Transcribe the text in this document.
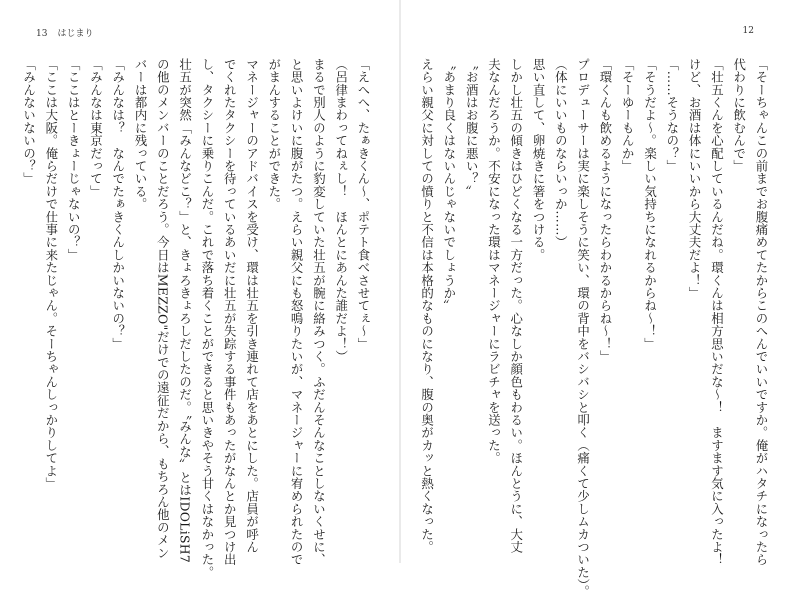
13 はじまり	12
「そーちゃんこの前までお腹痛めてたからこのへんでいいですか。俺がハタチになったら
代わりに飲むんで」
「壮五くんを心配しているんだね。環くんは相方思いだな～！　ますます気に入ったよ！
けど、お酒は体にいいから大丈夫だよ！」
「……そうなの？」
「そうだよ～。楽しい気持ちになれるからね～！」
「そーゆーもんか」
「環くんも飲めるようになったらわかるからね～！」
プロデューサーは実に楽しそうに笑い、環の背中をバシバシと叩く（痛くて少しムカついた）。
（体にいいものならいっか……）
思い直して、卵焼きに箸をつける。
しかし壮五の傾きはひどくなる一方だった。心なしか顔色もわるい。ほんとうに、大丈
夫なんだろうか。不安になった環はマネージャーにラビチャを送った。
〝お酒はお腹に悪い？〟
〝あまり良くはないんじゃないでしょうか〟
えらい親父に対しての憤りと不信は本格的なものになり、腹の奥がカッと熱くなった。
「えへへ、たぁきくん～、ポテト食べさせてぇ～」
（呂律まわってねぇし！　ほんとにあんた誰だよ！）
まるで別人のように豹変していた壮五が腕に絡みつく。ふだんそんなことしないくせに、
と思いよけいに腹がたつ。えらい親父にも怒鳴りたいが、マネージャーに宥められたので
がまんすることができた。
マネージャーのアドバイスを受け、環は壮五を引き連れて店をあとにした。店員が呼ん
でくれたタクシーを待っているあいだに壮五が失踪する事件もあったがなんとか見つけ出
し、タクシーに乗りこんだ。これで落ち着くことができると思いきやそう甘くはなかった。
壮五が突然「みんなどこ？」と、きょろきょろしだしたのだ。〝みんな〟とはIDOLiSH7
の他のメンバーのことだろう。今日はMEZZO"だけでの遠征だから、もちろん他のメン
バーは都内に残っている。
「みんなは？　なんでたぁきくんしかいないの？」
「みんなは東京だって」
「ここはとーきょーじゃないの？」
「ここは大阪。俺らだけで仕事に来たじゃん。そーちゃんしっかりしてよ」
「みんないないの？」
